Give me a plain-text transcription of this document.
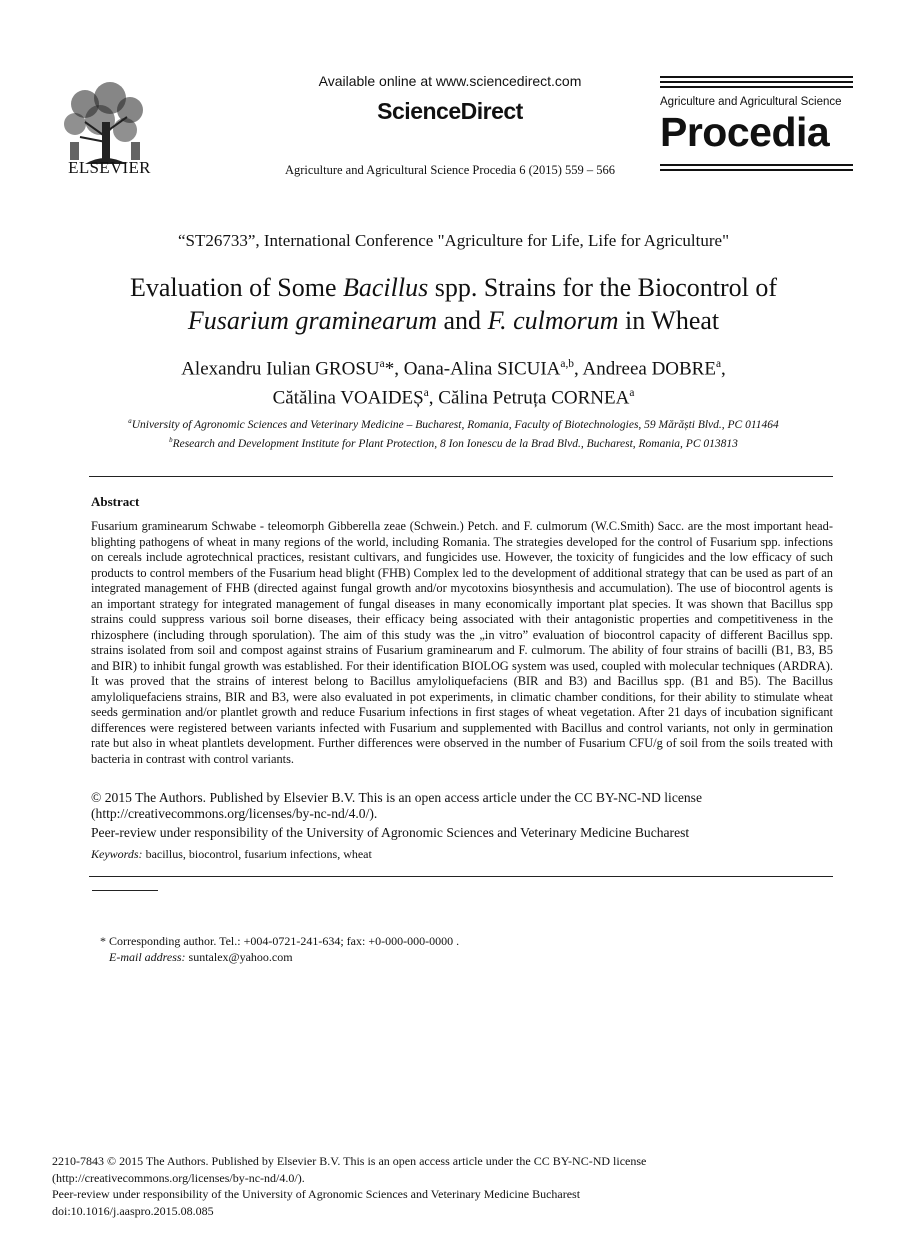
ELSEVIER
Available online at www.sciencedirect.com
ScienceDirect
Agriculture and Agricultural Science Procedia 6 (2015) 559 – 566
Agriculture and Agricultural Science
Procedia
“ST26733”, International Conference "Agriculture for Life, Life for Agriculture"
Evaluation of Some Bacillus spp. Strains for the Biocontrol of
Fusarium graminearum and F. culmorum in Wheat
Alexandru Iulian GROSU$^a$*, Oana-Alina SICUIA$^{a,b}$, Andreea DOBRE$^a$,
Cătălina VOAIDEȘ$^a$, Călina Petruța CORNEA$^a$
$^a$University of Agronomic Sciences and Veterinary Medicine – Bucharest, Romania, Faculty of Biotechnologies, 59 Mărăști Blvd., PC 011464
$^b$Research and Development Institute for Plant Protection, 8 Ion Ionescu de la Brad Blvd., Bucharest, Romania, PC 013813
Abstract
Fusarium graminearum Schwabe - teleomorph Gibberella zeae (Schwein.) Petch. and F. culmorum (W.C.Smith) Sacc. are the most important head-blighting pathogens of wheat in many regions of the world, including Romania. The strategies developed for the control of Fusarium spp. infections on cereals include agrotechnical practices, resistant cultivars, and fungicides use. However, the toxicity of fungicides and the low efficacy of such products to control members of the Fusarium head blight (FHB) Complex led to the development of additional strategy that can be used as part of an integrated management of FHB (directed against fungal growth and/or mycotoxins biosynthesis and accumulation). The use of biocontrol agents is an important strategy for integrated management of fungal diseases in many economically important plat species. It was shown that Bacillus spp strains could suppress various soil borne diseases, their efficacy being associated with their antagonistic properties and competitiveness in the rhizosphere (including through sporulation). The aim of this study was the „in vitro” evaluation of biocontrol capacity of different Bacillus spp. strains isolated from soil and compost against strains of Fusarium graminearum and F. culmorum. The ability of four strains of bacilli (B1, B3, B5 and BIR) to inhibit fungal growth was established. For their identification BIOLOG system was used, coupled with molecular techniques (ARDRA). It was proved that the strains of interest belong to Bacillus amyloliquefaciens (BIR and B3) and Bacillus spp. (B1 and B5). The Bacillus amyloliquefaciens strains, BIR and B3, were also evaluated in pot experiments, in climatic chamber conditions, for their ability to stimulate wheat seeds germination and/or plantlet growth and reduce Fusarium infections in first stages of wheat vegetation. After 21 days of incubation significant differences were registered between variants infected with Fusarium and supplemented with Bacillus and control variants, not only in germination rate but also in wheat plantlets development. Further differences were observed in the number of Fusarium CFU/g of soil from the soils treated with bacteria in contrast with control variants.
© 2015 The Authors. Published by Elsevier B.V. This is an open access article under the CC BY-NC-ND license (http://creativecommons.org/licenses/by-nc-nd/4.0/).
Peer-review under responsibility of the University of Agronomic Sciences and Veterinary Medicine Bucharest
Keywords: bacillus, biocontrol, fusarium infections, wheat
* Corresponding author. Tel.: +004-0721-241-634; fax: +0-000-000-0000 .
E-mail address: suntalex@yahoo.com
2210-7843 © 2015 The Authors. Published by Elsevier B.V. This is an open access article under the CC BY-NC-ND license
(http://creativecommons.org/licenses/by-nc-nd/4.0/).
Peer-review under responsibility of the University of Agronomic Sciences and Veterinary Medicine Bucharest
doi:10.1016/j.aaspro.2015.08.085
